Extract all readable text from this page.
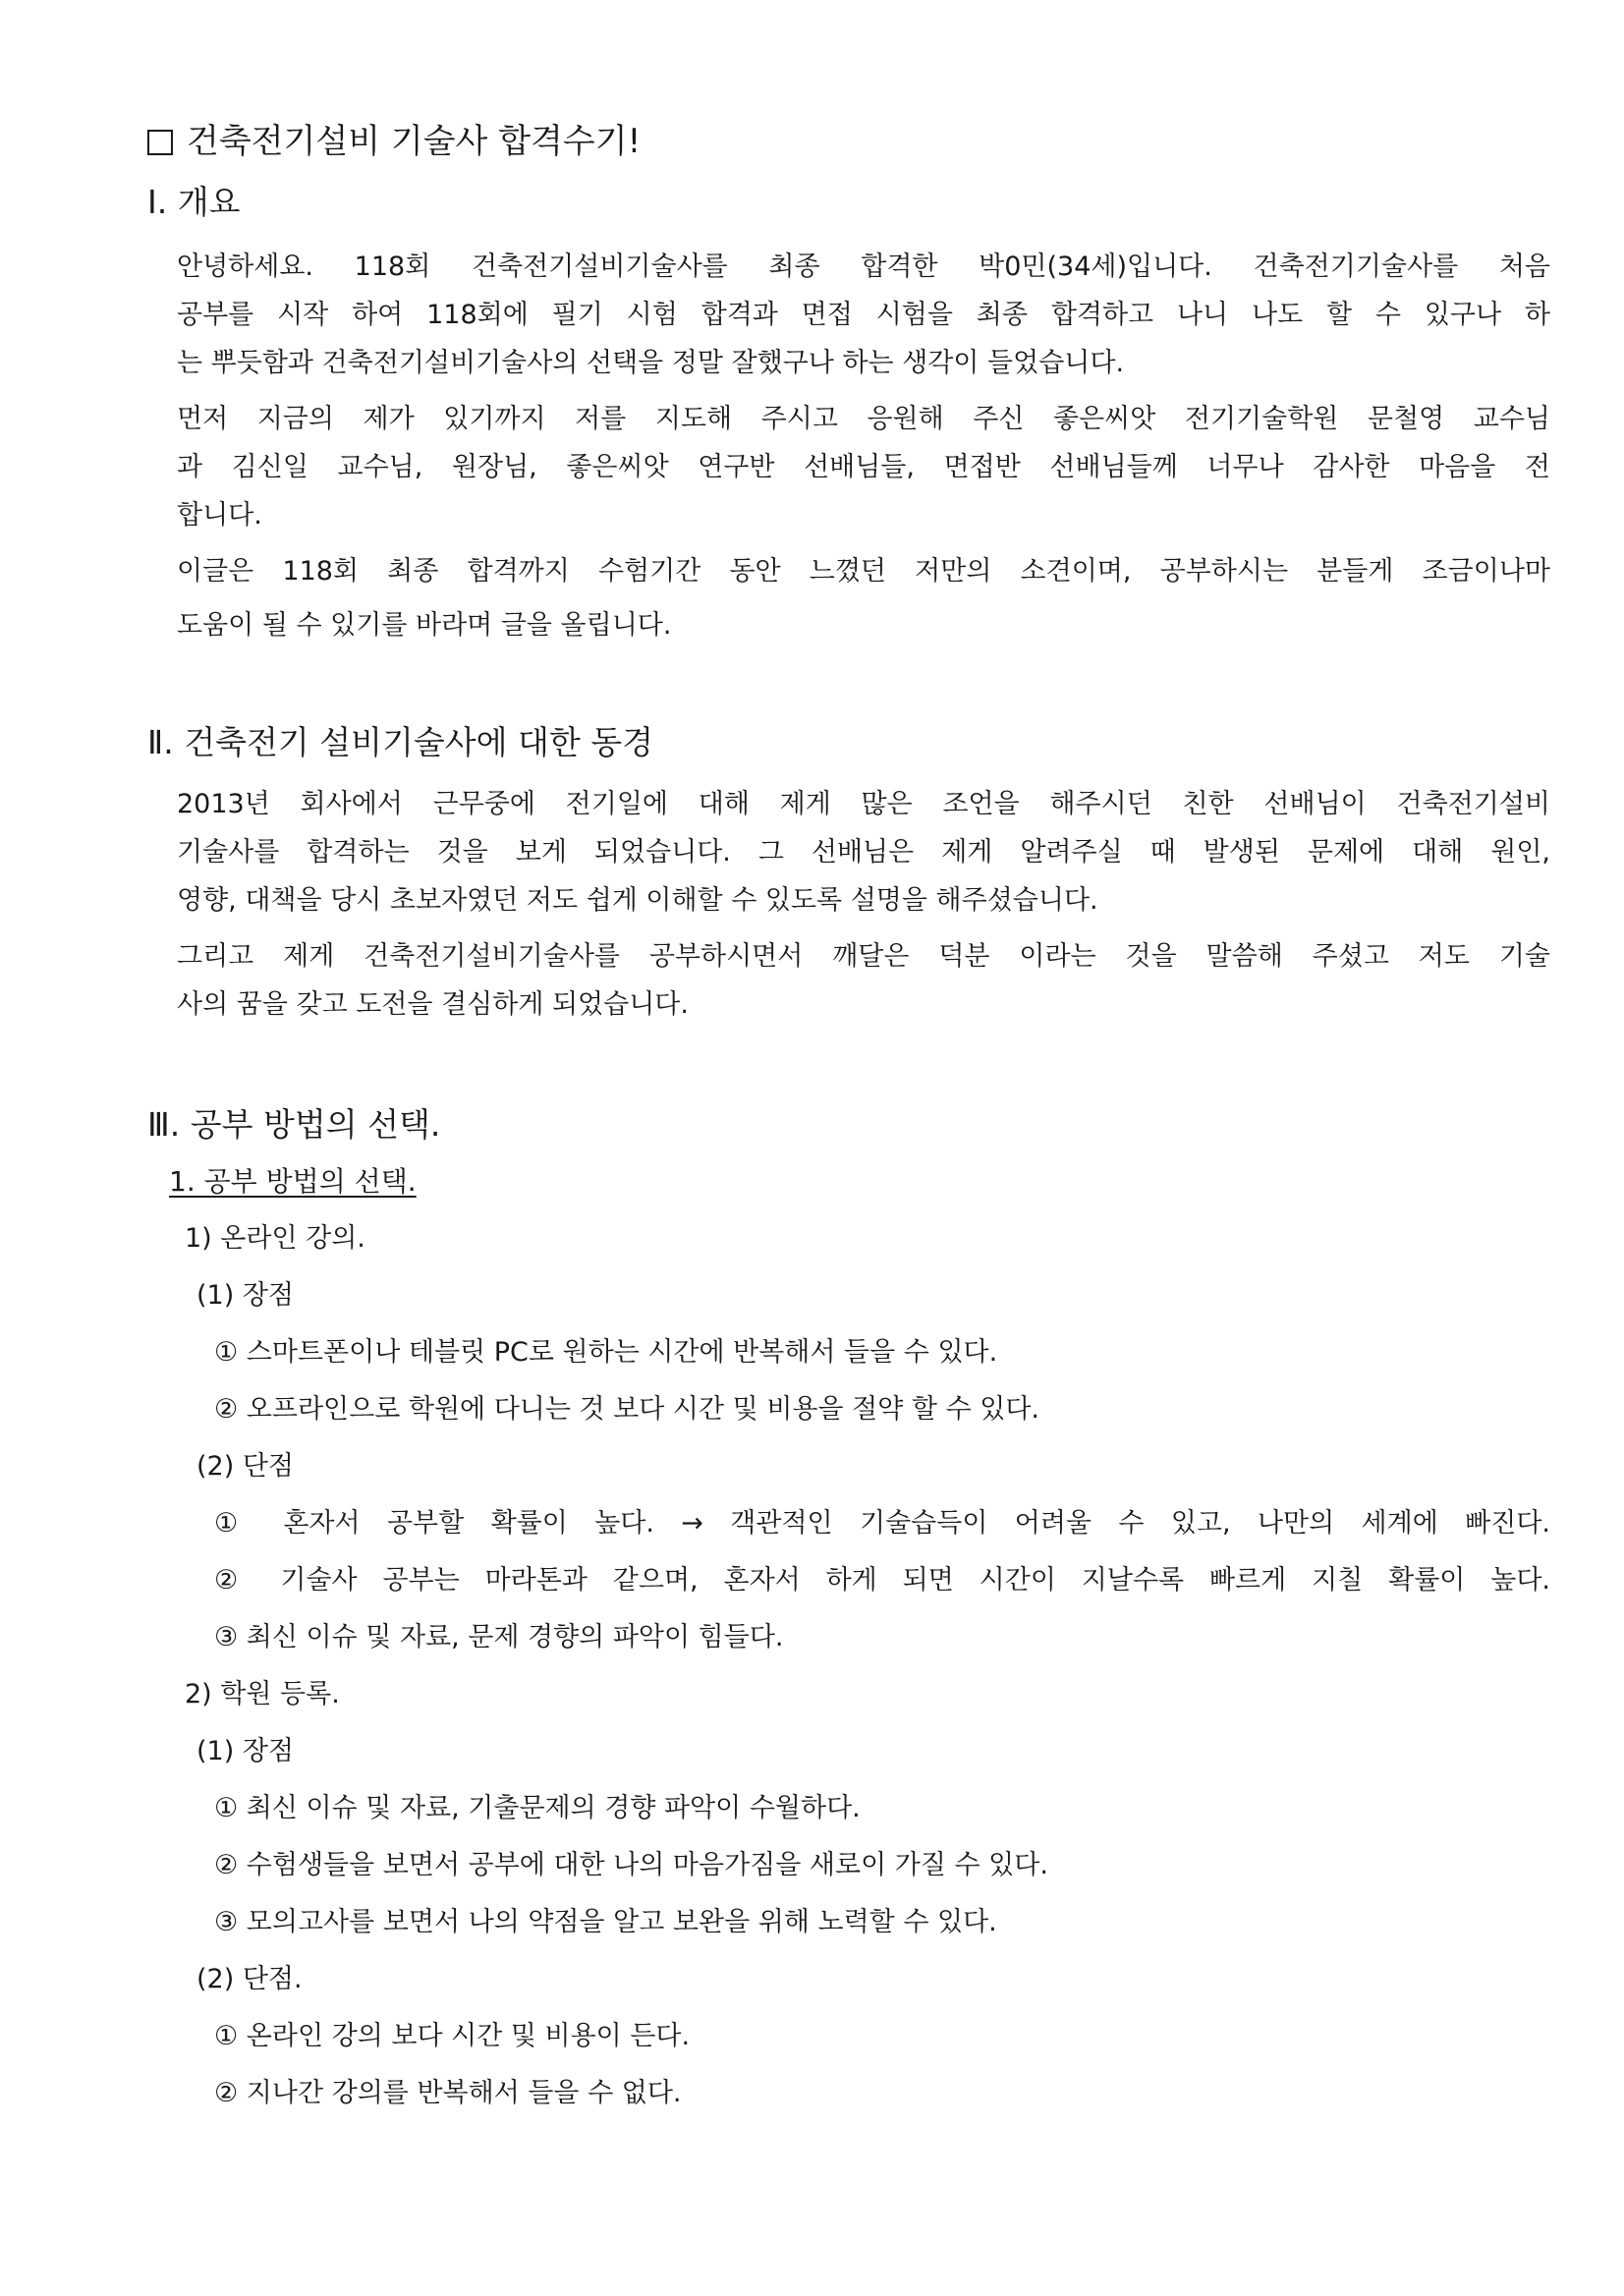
건축전기설비 기술사 합격수기!
Ⅰ. 개요
안녕하세요. 118회 건축전기설비기술사를 최종 합격한 박0민(34세)입니다. 건축전기기술사를 처음
공부를 시작 하여 118회에 필기 시험 합격과 면접 시험을 최종 합격하고 나니 나도 할 수 있구나 하
는 뿌듯함과 건축전기설비기술사의 선택을 정말 잘했구나 하는 생각이 들었습니다.
먼저 지금의 제가 있기까지 저를 지도해 주시고 응원해 주신 좋은씨앗 전기기술학원 문철영 교수님
과 김신일 교수님, 원장님, 좋은씨앗 연구반 선배님들, 면접반 선배님들께 너무나 감사한 마음을 전
합니다.
이글은 118회 최종 합격까지 수험기간 동안 느꼈던 저만의 소견이며, 공부하시는 분들게 조금이나마
도움이 될 수 있기를 바라며 글을 올립니다.
Ⅱ. 건축전기 설비기술사에 대한 동경
2013년 회사에서 근무중에 전기일에 대해 제게 많은 조언을 해주시던 친한 선배님이 건축전기설비
기술사를 합격하는 것을 보게 되었습니다. 그 선배님은 제게 알려주실 때 발생된 문제에 대해 원인,
영향, 대책을 당시 초보자였던 저도 쉽게 이해할 수 있도록 설명을 해주셨습니다.
그리고 제게 건축전기설비기술사를 공부하시면서 깨달은 덕분 이라는 것을 말씀해 주셨고 저도 기술
사의 꿈을 갖고 도전을 결심하게 되었습니다.
Ⅲ. 공부 방법의 선택.
1. 공부 방법의 선택.
1) 온라인 강의.
(1) 장점
① 스마트폰이나 테블릿 PC로 원하는 시간에 반복해서 들을 수 있다.
② 오프라인으로 학원에 다니는 것 보다 시간 및 비용을 절약 할 수 있다.
(2) 단점
① 혼자서 공부할 확률이 높다. → 객관적인 기술습득이 어려울 수 있고, 나만의 세계에 빠진다.
② 기술사 공부는 마라톤과 같으며, 혼자서 하게 되면 시간이 지날수록 빠르게 지칠 확률이 높다.
③ 최신 이슈 및 자료, 문제 경향의 파악이 힘들다.
2) 학원 등록.
(1) 장점
① 최신 이슈 및 자료, 기출문제의 경향 파악이 수월하다.
② 수험생들을 보면서 공부에 대한 나의 마음가짐을 새로이 가질 수 있다.
③ 모의고사를 보면서 나의 약점을 알고 보완을 위해 노력할 수 있다.
(2) 단점.
① 온라인 강의 보다 시간 및 비용이 든다.
② 지나간 강의를 반복해서 들을 수 없다.
